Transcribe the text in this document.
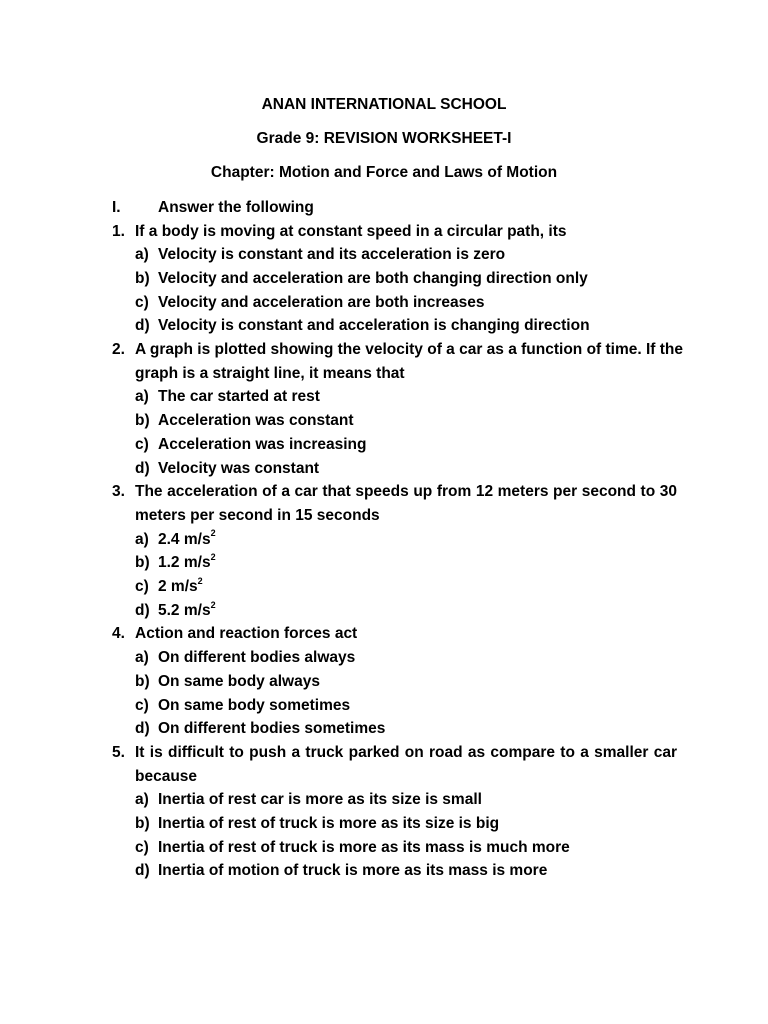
ANAN INTERNATIONAL SCHOOL
Grade 9: REVISION WORKSHEET-I
Chapter: Motion and Force and Laws of Motion
I. Answer the following
1. If a body is moving at constant speed in a circular path, its
a) Velocity is constant and its acceleration is zero
b) Velocity and acceleration are both changing direction only
c) Velocity and acceleration are both increases
d) Velocity is constant and acceleration is changing direction
2. A graph is plotted showing the velocity of a car as a function of time. If the
graph is a straight line, it means that
a) The car started at rest
b) Acceleration was constant
c) Acceleration was increasing
d) Velocity was constant
3. The acceleration of a car that speeds up from 12 meters per second to 30
meters per second in 15 seconds
a) 2.4 $m/s^2$
b) 1.2 $m/s^2$
c) 2 $m/s^2$
d) 5.2 $m/s^2$
4. Action and reaction forces act
a) On different bodies always
b) On same body always
c) On same body sometimes
d) On different bodies sometimes
5. It is difficult to push a truck parked on road as compare to a smaller car
because
a) Inertia of rest car is more as its size is small
b) Inertia of rest of truck is more as its size is big
c) Inertia of rest of truck is more as its mass is much more
d) Inertia of motion of truck is more as its mass is more
